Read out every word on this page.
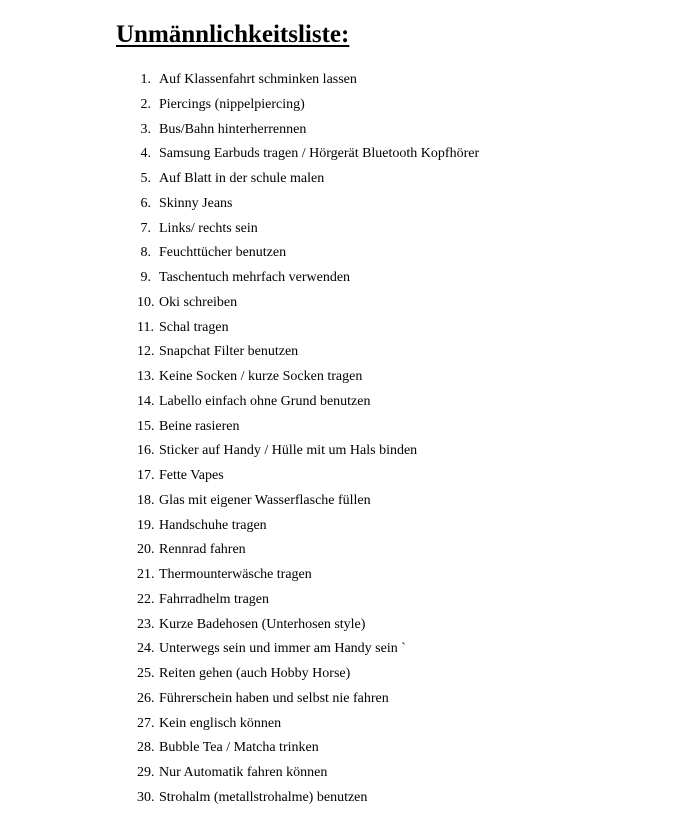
Unmännlichkeitsliste:
1. Auf Klassenfahrt schminken lassen
2. Piercings (nippelpiercing)
3. Bus/Bahn hinterherrennen
4. Samsung Earbuds tragen / Hörgerät Bluetooth Kopfhörer
5. Auf Blatt in der schule malen
6. Skinny Jeans
7. Links/ rechts sein
8. Feuchttücher benutzen
9. Taschentuch mehrfach verwenden
10. Oki schreiben
11. Schal tragen
12. Snapchat Filter benutzen
13. Keine Socken / kurze Socken tragen
14. Labello einfach ohne Grund benutzen
15. Beine rasieren
16. Sticker auf Handy / Hülle mit um Hals binden
17. Fette Vapes
18. Glas mit eigener Wasserflasche füllen
19. Handschuhe tragen
20. Rennrad fahren
21. Thermounterwäsche tragen
22. Fahrradhelm tragen
23. Kurze Badehosen (Unterhosen style)
24. Unterwegs sein und immer am Handy sein `
25. Reiten gehen (auch Hobby Horse)
26. Führerschein haben und selbst nie fahren
27. Kein englisch können
28. Bubble Tea / Matcha trinken
29. Nur Automatik fahren können
30. Strohalm (metallstrohalme) benutzen
